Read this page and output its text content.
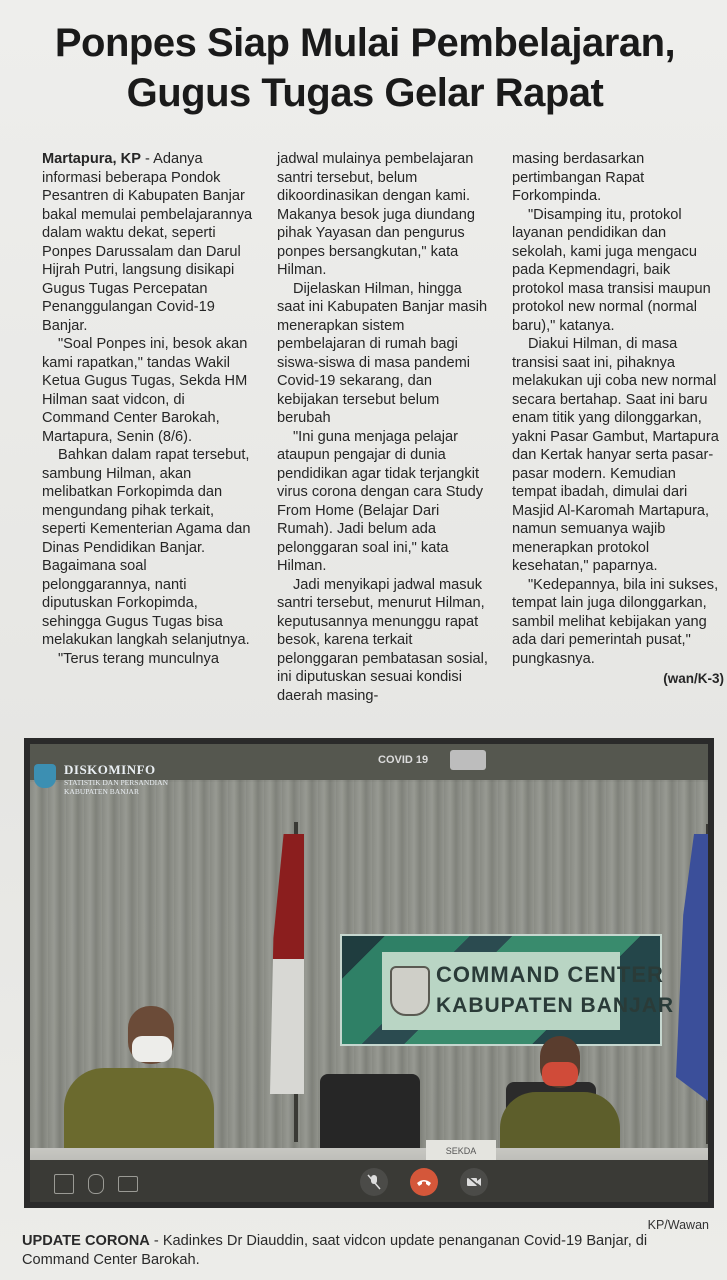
Ponpes Siap Mulai Pembelajaran,
Gugus Tugas Gelar Rapat

Martapura, KP - Adanya informasi beberapa Pondok Pesantren di Kabupaten Banjar bakal memulai pembelajarannya dalam waktu dekat, seperti Ponpes Darussalam dan Darul Hijrah Putri, langsung disikapi Gugus Tugas Percepatan Penanggulangan Covid-19 Banjar.

"Soal Ponpes ini, besok akan kami rapatkan," tandas Wakil Ketua Gugus Tugas, Sekda HM Hilman saat vidcon, di Command Center Barokah, Martapura, Senin (8/6).

Bahkan dalam rapat tersebut, sambung Hilman, akan melibatkan Forkopimda dan mengundang pihak terkait, seperti Kementerian Agama dan Dinas Pendidikan Banjar. Bagaimana soal pelonggarannya, nanti diputuskan Forkopimda, sehingga Gugus Tugas bisa melakukan langkah selanjutnya.

"Terus terang munculnya

jadwal mulainya pembelajaran santri tersebut, belum dikoordinasikan dengan kami. Makanya besok juga diundang pihak Yayasan dan pengurus ponpes bersangkutan," kata Hilman.

Dijelaskan Hilman, hingga saat ini Kabupaten Banjar masih menerapkan sistem pembelajaran di rumah bagi siswa-siswa di masa pandemi Covid-19 sekarang, dan kebijakan tersebut belum berubah

"Ini guna menjaga pelajar ataupun pengajar di dunia pendidikan agar tidak terjangkit virus corona dengan cara Study From Home (Belajar Dari Rumah). Jadi belum ada pelonggaran soal ini," kata Hilman.

Jadi menyikapi jadwal masuk santri tersebut, menurut Hilman, keputusannya menunggu rapat besok, karena terkait pelonggaran pembatasan sosial, ini diputuskan sesuai kondisi daerah masing-

masing berdasarkan pertimbangan Rapat Forkompinda.

"Disamping itu, protokol layanan pendidikan dan sekolah, kami juga mengacu pada Kepmendagri, baik protokol masa transisi maupun protokol new normal (normal baru)," katanya.

Diakui Hilman, di masa transisi saat ini, pihaknya melakukan uji coba new normal secara bertahap. Saat ini baru enam titik yang dilonggarkan, yakni Pasar Gambut, Martapura dan Kertak hanyar serta pasar-pasar modern. Kemudian tempat ibadah, dimulai dari Masjid Al-Karomah Martapura, namun semuanya wajib menerapkan protokol kesehatan," paparnya.

"Kedepannya, bila ini sukses, tempat lain juga dilonggarkan, sambil melihat kebijakan yang ada dari pemerintah pusat," pungkasnya.

(wan/K-3)
DISKOMINFO
STATISTIK DAN PERSANDIAN KABUPATEN BANJAR
COVID 19
COMMAND CENTER
KABUPATEN BANJAR
SEKDA
KP/Wawan
UPDATE CORONA - Kadinkes Dr Diauddin, saat vidcon update penanganan Covid-19 Banjar, di Command Center Barokah.
